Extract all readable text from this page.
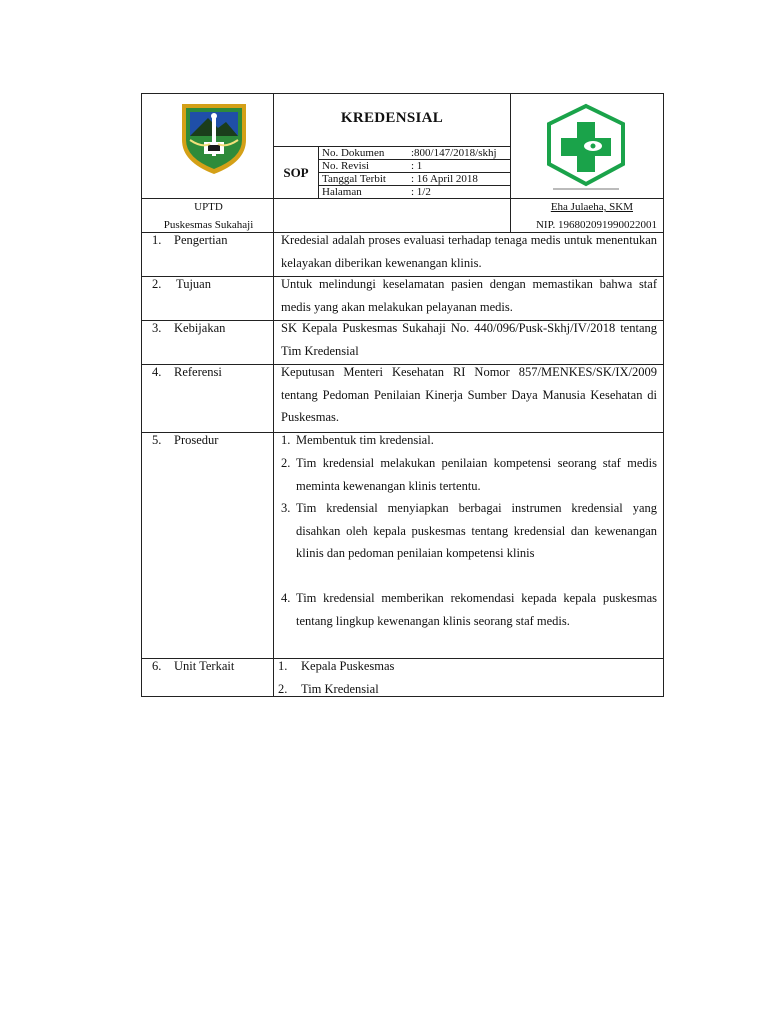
KREDENSIAL
SOP
No. Dokumen :800/147/2018/skhj
No. Revisi	: 1
Tanggal Terbit : 16 April 2018
Halaman	: 1/2
UPTD
Puskesmas Sukahaji
Eha Julaeha, SKM
NIP. 196802091990022001
1. Pengertian	Kredesial adalah proses evaluasi terhadap tenaga medis untuk menentukan kelayakan diberikan kewenangan klinis.
2. Tujuan	Untuk melindungi keselamatan pasien dengan memastikan bahwa staf medis yang akan melakukan pelayanan medis.
3. Kebijakan	SK Kepala Puskesmas Sukahaji No. 440/096/Pusk-Skhj/IV/2018 tentang Tim Kredensial
4. Referensi	Keputusan Menteri Kesehatan RI Nomor 857/MENKES/SK/IX/2009 tentang Pedoman Penilaian Kinerja Sumber Daya Manusia Kesehatan di Puskesmas.
5. Prosedur	1. Membentuk tim kredensial.
2. Tim kredensial melakukan penilaian kompetensi seorang staf medis meminta kewenangan klinis tertentu.
3. Tim kredensial menyiapkan berbagai instrumen kredensial yang disahkan oleh kepala puskesmas tentang kredensial dan kewenangan klinis dan pedoman penilaian kompetensi klinis
4. Tim kredensial memberikan rekomendasi kepada kepala puskesmas tentang lingkup kewenangan klinis seorang staf medis.
6. Unit Terkait	1. Kepala Puskesmas
2. Tim Kredensial
